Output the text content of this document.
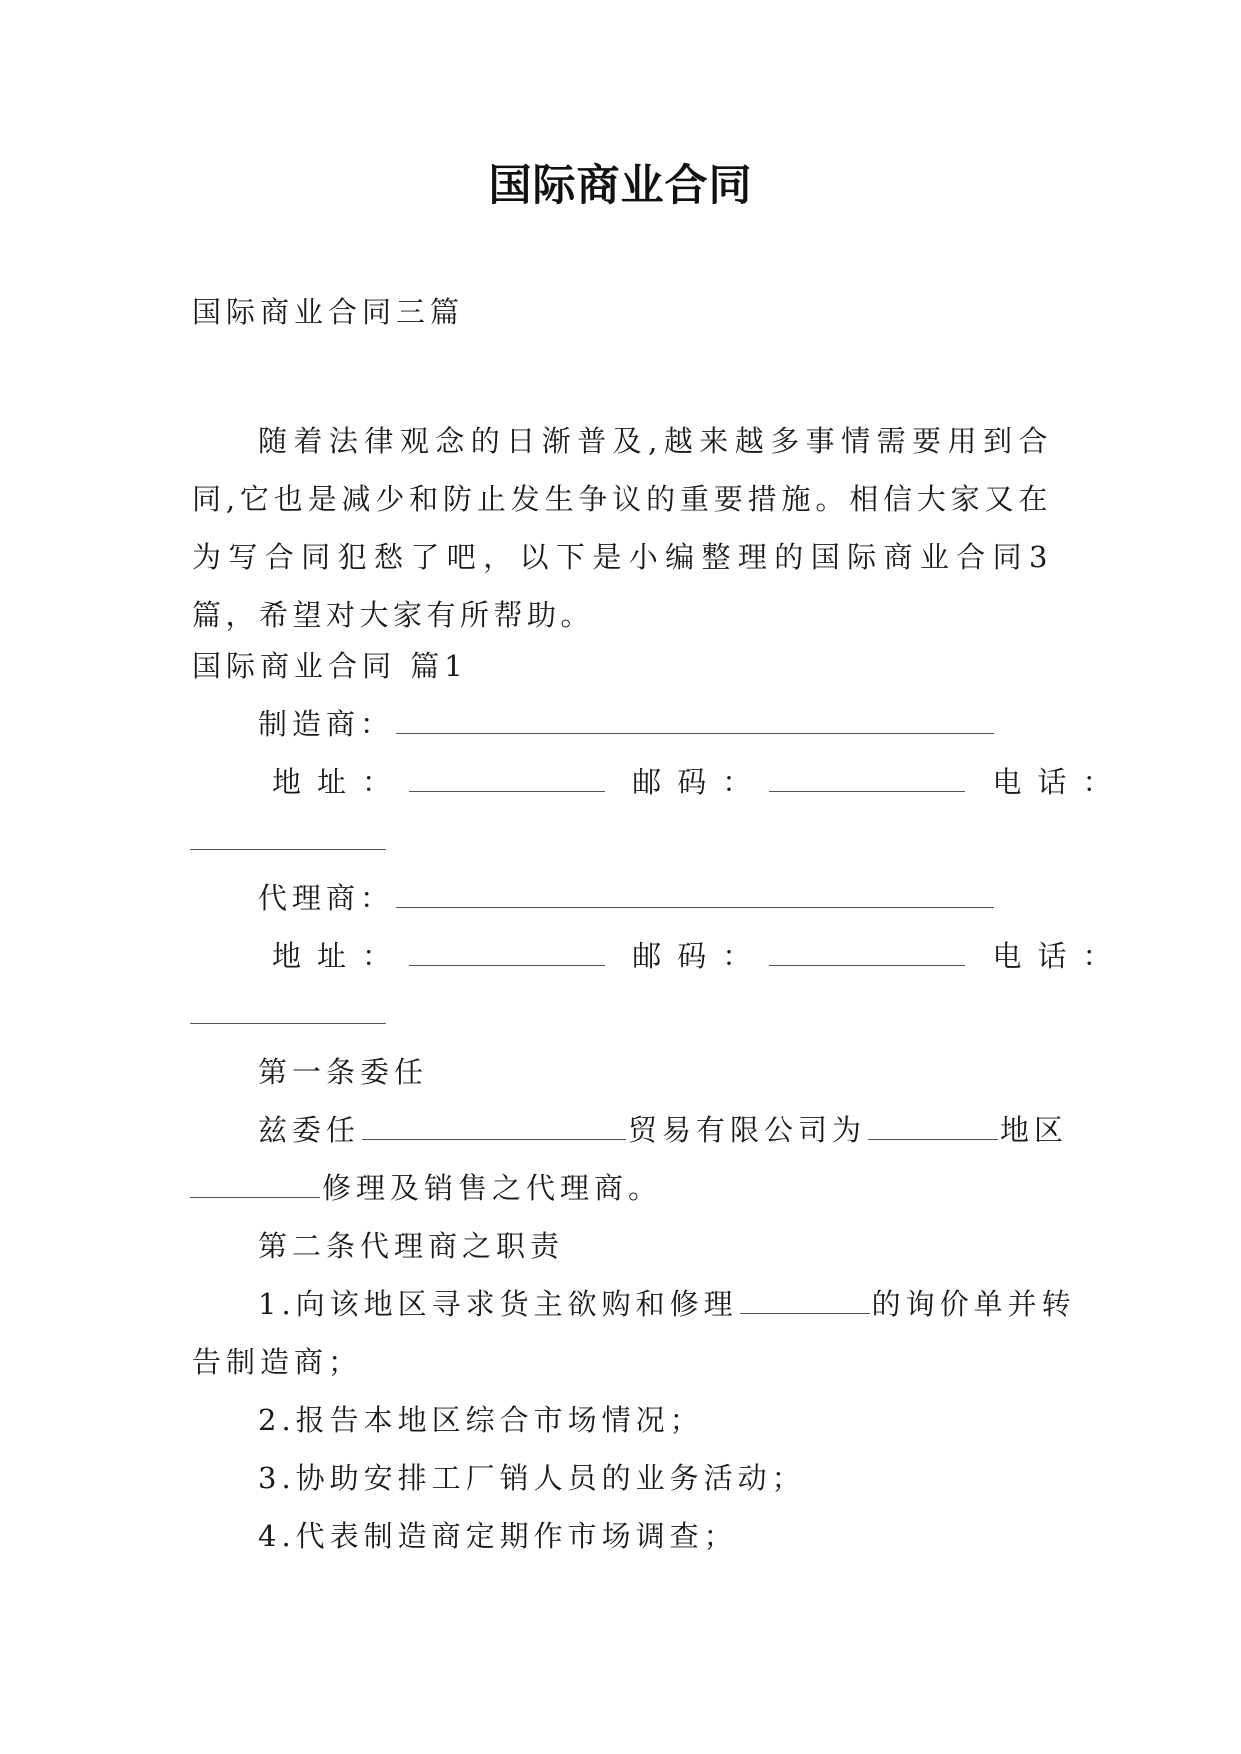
国际商业合同
国际商业合同三篇
随着法律观念的日渐普及,越来越多事情需要用到合同,它也是减少和防止发生争议的重要措施。相信大家又在为写合同犯愁了吧，以下是小编整理的国际商业合同3篇，希望对大家有所帮助。
国际商业合同 篇1
制造商：
地址：	邮码：	电话：
代理商：
地址：	邮码：	电话：
第一条委任
兹委任	贸易有限公司为	地区
修理及销售之代理商。
第二条代理商之职责
1.向该地区寻求货主欲购和修理	的询价单并转
告制造商；
2.报告本地区综合市场情况；
3.协助安排工厂销人员的业务活动；
4.代表制造商定期作市场调查；
